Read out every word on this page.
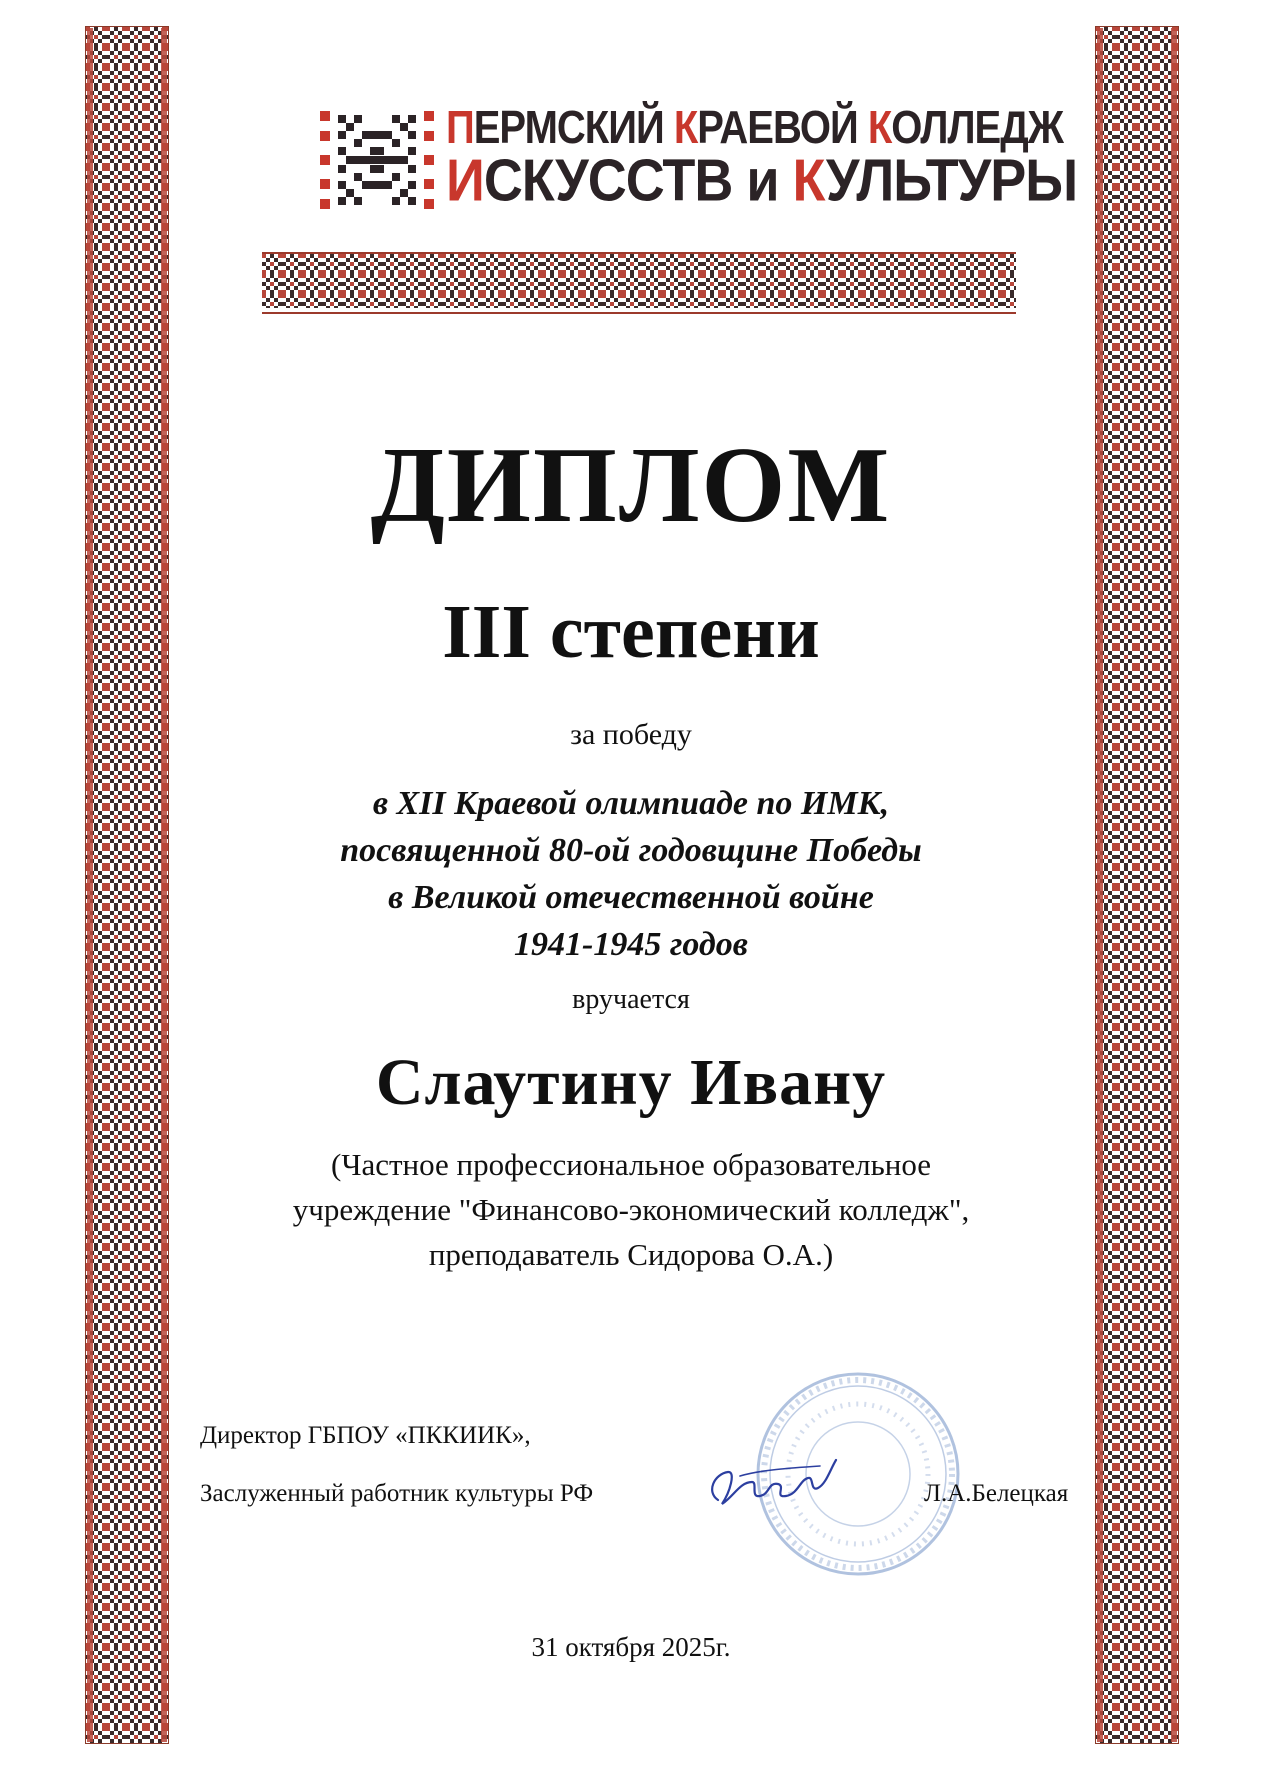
ПЕРМСКИЙ КРАЕВОЙ КОЛЛЕДЖ
ИСКУССТВ и КУЛЬТУРЫ
ДИПЛОМ
III степени
за победу
в XII Краевой олимпиаде по ИМК,
посвященной 80-ой годовщине Победы
в Великой отечественной войне
1941-1945 годов
вручается
Слаутину Ивану
(Частное профессиональное образовательное
учреждение "Финансово-экономический колледж",
преподаватель Сидорова О.А.)
Директор ГБПОУ «ПККИИК»,
Заслуженный работник культуры РФ	Л.А.Белецкая
31 октября 2025г.
